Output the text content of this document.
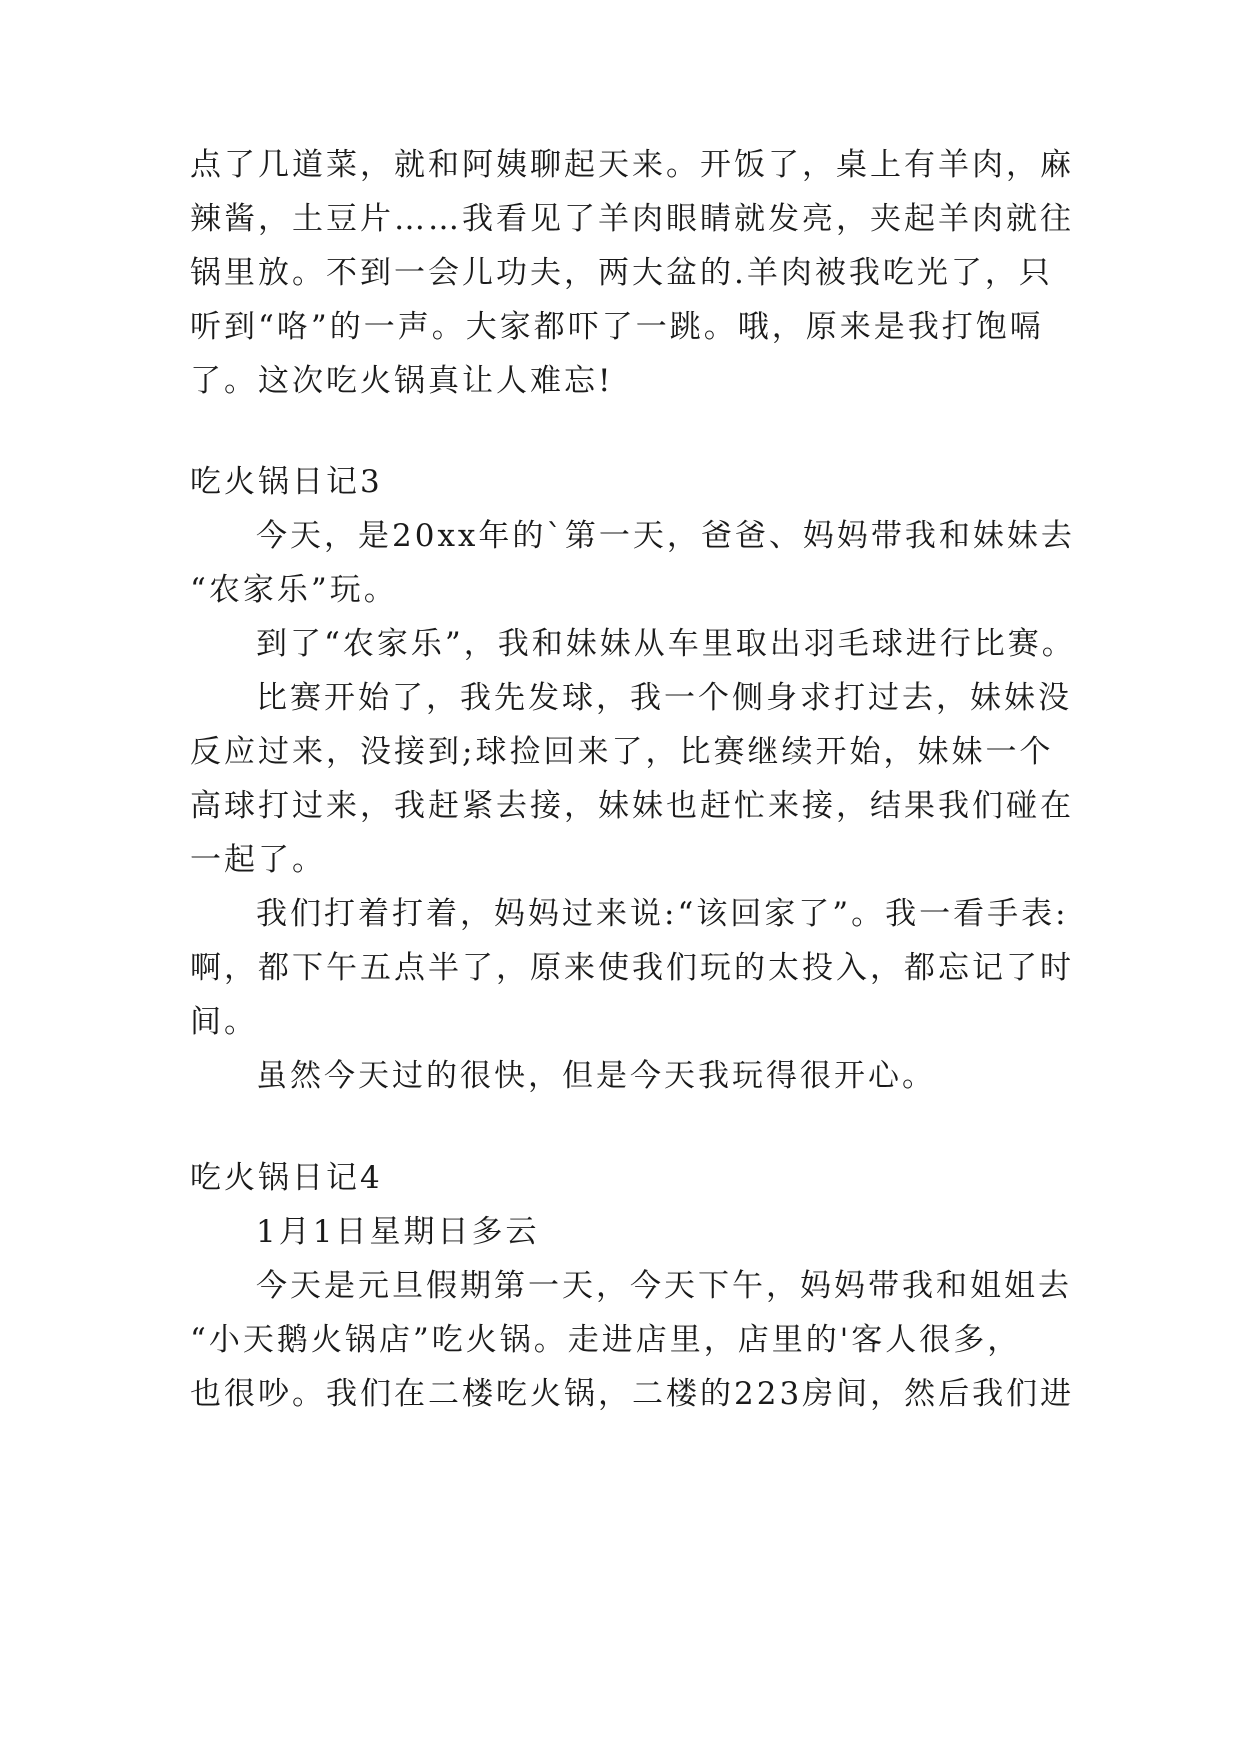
点了几道菜，就和阿姨聊起天来。开饭了，桌上有羊肉，麻
辣酱，土豆片……我看见了羊肉眼睛就发亮，夹起羊肉就往
锅里放。不到一会儿功夫，两大盆的.羊肉被我吃光了，只
听到“咯”的一声。大家都吓了一跳。哦，原来是我打饱嗝
了。这次吃火锅真让人难忘!
吃火锅日记3
今天，是20xx年的`第一天，爸爸、妈妈带我和妹妹去
“农家乐”玩。
到了“农家乐”，我和妹妹从车里取出羽毛球进行比赛。
比赛开始了，我先发球，我一个侧身求打过去，妹妹没
反应过来，没接到;球捡回来了，比赛继续开始，妹妹一个
高球打过来，我赶紧去接，妹妹也赶忙来接，结果我们碰在
一起了。
我们打着打着，妈妈过来说:“该回家了”。我一看手表:
啊，都下午五点半了，原来使我们玩的太投入，都忘记了时
间。
虽然今天过的很快，但是今天我玩得很开心。
吃火锅日记4
1月1日星期日多云
今天是元旦假期第一天，今天下午，妈妈带我和姐姐去
“小天鹅火锅店”吃火锅。走进店里，店里的'客人很多，
也很吵。我们在二楼吃火锅，二楼的223房间，然后我们进
